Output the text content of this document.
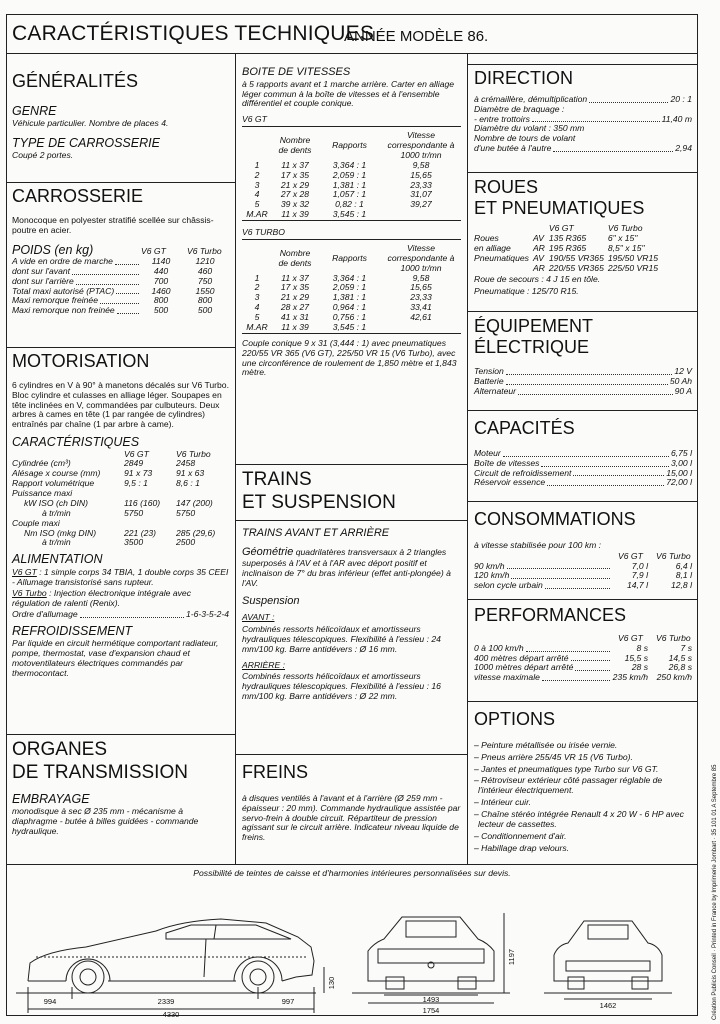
CARACTÉRISTIQUES TECHNIQUES
ANNÉE MODÈLE 86.
GÉNÉRALITÉS
GENRE
Véhicule particulier. Nombre de places 4.
TYPE DE CARROSSERIE
Coupé 2 portes.
CARROSSERIE
Monocoque en polyester stratifié scellée sur châssis-poutre en acier.
POIDS (en kg)	V6 GT	V6 Turbo
A vide en ordre de marche	1140	1210
dont sur l'avant	440	460
dont sur l'arrière	700	750
Total maxi autorisé (PTAC)	1460	1550
Maxi remorque freinée	800	800
Maxi remorque non freinée	500	500
MOTORISATION
6 cylindres en V à 90° à manetons décalés sur V6 Turbo. Bloc cylindre et culasses en alliage léger. Soupapes en tête inclinées en V, commandées par culbuteurs. Deux arbres à cames en tête (1 par rangée de cylindres) entraînés par chaîne (1 par arbre à came).
CARACTÉRISTIQUES
V6 GT	V6 Turbo
Cylindrée (cm³)	2849	2458
Alésage x course (mm)	91 x 73	91 x 63
Rapport volumétrique	9,5 : 1	8,6 : 1
Puissance maxi
kW ISO (ch DIN)	116 (160)	147 (200)
à tr/min	5750	5750
Couple maxi
Nm ISO (mkg DIN)	221 (23)	285 (29,6)
à tr/min	3500	2500
ALIMENTATION
V6 GT : 1 simple corps 34 TBIA, 1 double corps 35 CEEI - Allumage transistorisé sans rupteur.
V6 Turbo : Injection électronique intégrale avec régulation de ralenti (Renix).
Ordre d'allumage	1-6-3-5-2-4
REFROIDISSEMENT
Par liquide en circuit hermétique comportant radiateur, pompe, thermostat, vase d'expansion chaud et motoventilateurs électriques commandés par thermocontact.
ORGANES
DE TRANSMISSION
EMBRAYAGE
monodisque à sec Ø 235 mm - mécanisme à diaphragme - butée à billes guidées - commande hydraulique.
BOITE DE VITESSES
à 5 rapports avant et 1 marche arrière. Carter en alliage léger commun à la boîte de vitesses et à l'ensemble différentiel et couple conique.
V6 GT
	Nombre de dents	Rapports	Vitesse correspondante à 1000 tr/mn
1	11 x 37	3,364 : 1	9,58
2	17 x 35	2,059 : 1	15,65
3	21 x 29	1,381 : 1	23,33
4	27 x 28	1,057 : 1	31,07
5	39 x 32	0,82 : 1	39,27
M.AR	11 x 39	3,545 : 1	
V6 TURBO
	Nombre de dents	Rapports	Vitesse correspondante à 1000 tr/mn
1	11 x 37	3,364 : 1	9,58
2	17 x 35	2,059 : 1	15,65
3	21 x 29	1,381 : 1	23,33
4	28 x 27	0,964 : 1	33,41
5	41 x 31	0,756 : 1	42,61
M.AR	11 x 39	3,545 : 1	
Couple conique 9 x 31 (3,444 : 1) avec pneumatiques 220/55 VR 365 (V6 GT), 225/50 VR 15 (V6 Turbo), avec une circonférence de roulement de 1,850 mètre et 1,843 mètre.
TRAINS
ET SUSPENSION
TRAINS AVANT ET ARRIÈRE
Géométrie quadrilatères transversaux à 2 triangles superposés à l'AV et à l'AR avec déport positif et inclinaison de 7° du bras inférieur (effet anti-plongée) à l'AV.
Suspension
AVANT :
Combinés ressorts hélicoïdaux et amortisseurs hydrauliques télescopiques. Flexibilité à l'essieu : 24 mm/100 kg. Barre antidévers : Ø 16 mm.
ARRIÈRE :
Combinés ressorts hélicoïdaux et amortisseurs hydrauliques télescopiques. Flexibilité à l'essieu : 16 mm/100 kg. Barre antidévers : Ø 22 mm.
FREINS
à disques ventilés à l'avant et à l'arrière (Ø 259 mm - épaisseur : 20 mm). Commande hydraulique assistée par servo-frein à double circuit. Répartiteur de pression agissant sur le circuit arrière. Indicateur niveau liquide de freins.
DIRECTION
à crémaillère, démultiplication	20 : 1
Diamètre de braquage :
- entre trottoirs	11,40 m
Diamètre du volant : 350 mm
Nombre de tours de volant
d'une butée à l'autre	2,94
ROUES
ET PNEUMATIQUES
		V6 GT	V6 Turbo
Roues	AV	135 R365	6" x 15"
en alliage	AR	195 R365	8,5" x 15"
Pneumatiques	AV	190/55 VR365	195/50 VR15
	AR	220/55 VR365	225/50 VR15
Roue de secours : 4 J 15 en tôle.
Pneumatique : 125/70 R15.
ÉQUIPEMENT
ÉLECTRIQUE
Tension	12 V
Batterie	50 Ah
Alternateur	90 A
CAPACITÉS
Moteur	6,75 l
Boîte de vitesses	3,00 l
Circuit de refroidissement	15,00 l
Réservoir essence	72,00 l
CONSOMMATIONS
à vitesse stabilisée pour 100 km :
V6 GT	V6 Turbo
90 km/h	7,0 l	6,4 l
120 km/h	7,9 l	8,1 l
selon cycle urbain	14,7 l	12,8 l
PERFORMANCES
V6 GT	V6 Turbo
0 à 100 km/h	8 s	7 s
400 mètres départ arrêté	15,5 s	14,5 s
1000 mètres départ arrêté	28 s	26,8 s
vitesse maximale	235 km/h	250 km/h
OPTIONS
– Peinture métallisée ou irisée vernie.
– Pneus arrière 255/45 VR 15 (V6 Turbo).
– Jantes et pneumatiques type Turbo sur V6 GT.
– Rétroviseur extérieur côté passager réglable de l'intérieur électriquement.
– Intérieur cuir.
– Chaîne stéréo intégrée Renault 4 x 20 W - 6 HP avec lecteur de cassettes.
– Conditionnement d'air.
– Habillage drap velours.
Possibilité de teintes de caisse et d'harmonies intérieures personnalisées sur devis.
994	2339	997
4330
130
1493
1754
1197
1462	Création Publicis Conseil · Printed in France by Imprimerie Jombart · 35 101 01 A Septembre 85
